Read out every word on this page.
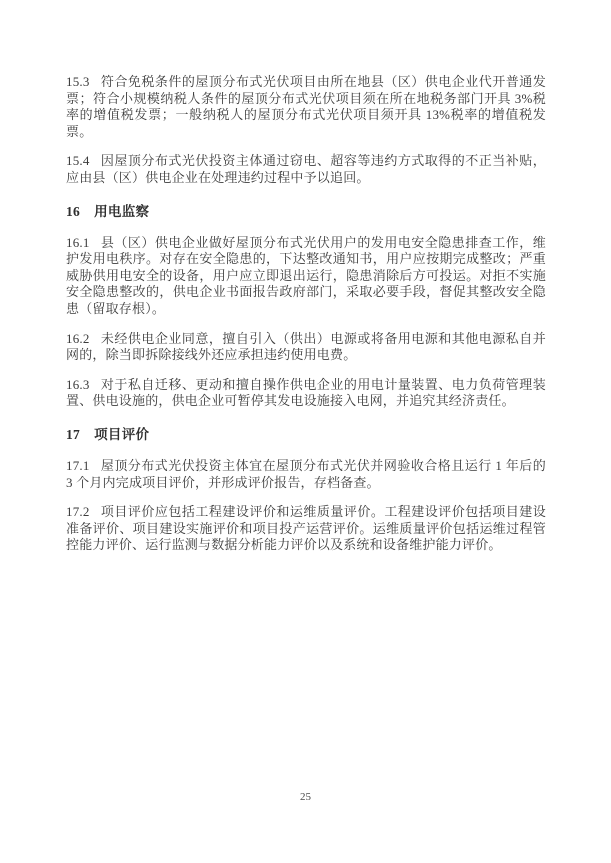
15.3 符合免税条件的屋顶分布式光伏项目由所在地县（区）供电企业代开普通发票；符合小规模纳税人条件的屋顶分布式光伏项目须在所在地税务部门开具 3%税率的增值税发票；一般纳税人的屋顶分布式光伏项目须开具 13%税率的增值税发票。

15.4 因屋顶分布式光伏投资主体通过窃电、超容等违约方式取得的不正当补贴，应由县（区）供电企业在处理违约过程中予以追回。

16 用电监察

16.1 县（区）供电企业做好屋顶分布式光伏用户的发用电安全隐患排查工作，维护发用电秩序。对存在安全隐患的，下达整改通知书，用户应按期完成整改；严重威胁供用电安全的设备，用户应立即退出运行，隐患消除后方可投运。对拒不实施安全隐患整改的，供电企业书面报告政府部门，采取必要手段，督促其整改安全隐患（留取存根）。

16.2 未经供电企业同意，擅自引入（供出）电源或将备用电源和其他电源私自并网的，除当即拆除接线外还应承担违约使用电费。

16.3 对于私自迁移、更动和擅自操作供电企业的用电计量装置、电力负荷管理装置、供电设施的，供电企业可暂停其发电设施接入电网，并追究其经济责任。

17 项目评价

17.1 屋顶分布式光伏投资主体宜在屋顶分布式光伏并网验收合格且运行 1 年后的 3 个月内完成项目评价，并形成评价报告，存档备查。

17.2 项目评价应包括工程建设评价和运维质量评价。工程建设评价包括项目建设准备评价、项目建设实施评价和项目投产运营评价。运维质量评价包括运维过程管控能力评价、运行监测与数据分析能力评价以及系统和设备维护能力评价。

25
